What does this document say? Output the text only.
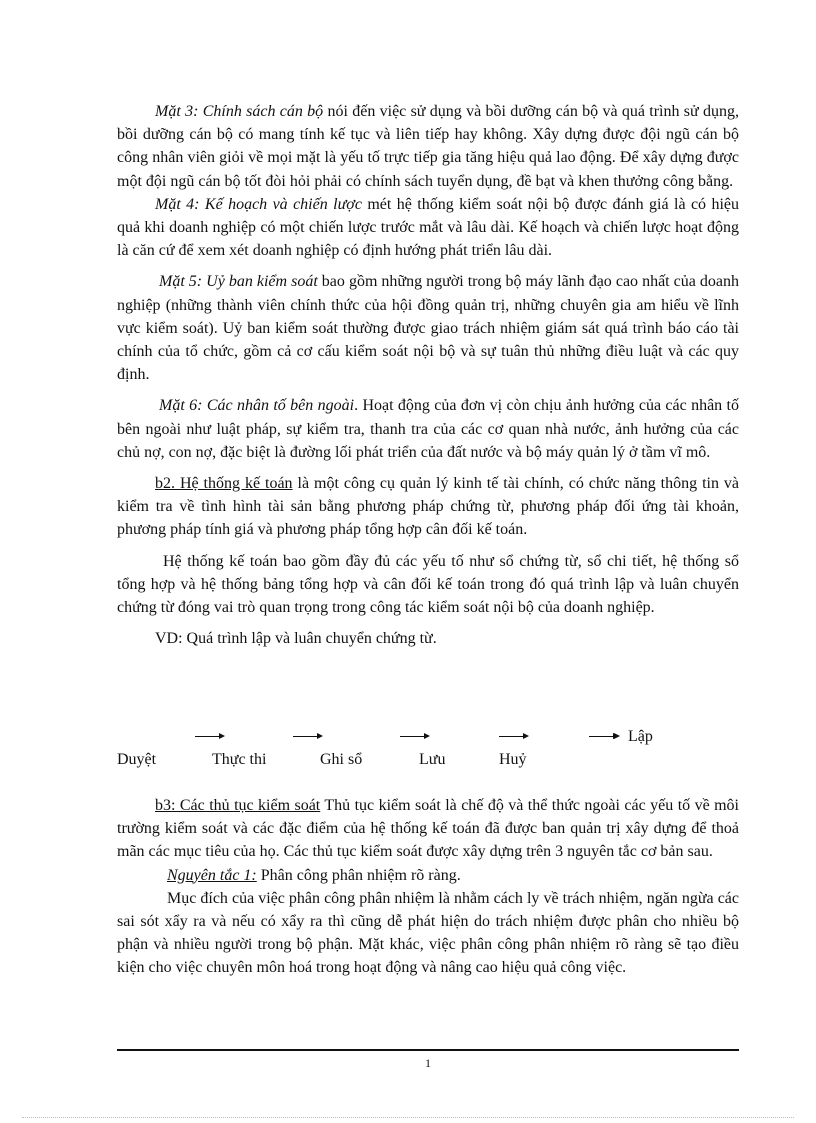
Mặt 3: Chính sách cán bộ nói đến việc sử dụng và bồi dưỡng cán bộ và quá trình sử dụng, bồi dưỡng cán bộ có mang tính kế tục và liên tiếp hay không. Xây dựng được đội ngũ cán bộ công nhân viên giỏi về mọi mặt là yếu tố trực tiếp gia tăng hiệu quả lao động. Để xây dựng được một đội ngũ cán bộ tốt đòi hỏi phải có chính sách tuyển dụng, đề bạt và khen thưởng công bằng.

Mặt 4: Kế hoạch và chiến lược mét hệ thống kiểm soát nội bộ được đánh giá là có hiệu quả khi doanh nghiệp có một chiến lược trước mắt và lâu dài. Kế hoạch và chiến lược hoạt động là căn cứ để xem xét doanh nghiệp có định hướng phát triển lâu dài.

Mặt 5: Uỷ ban kiểm soát bao gồm những người trong bộ máy lãnh đạo cao nhất của doanh nghiệp (những thành viên chính thức của hội đồng quản trị, những chuyên gia am hiểu về lĩnh vực kiểm soát). Uỷ ban kiểm soát thường được giao trách nhiệm giám sát quá trình báo cáo tài chính của tổ chức, gồm cả cơ cấu kiểm soát nội bộ và sự tuân thủ những điều luật và các quy định.

Mặt 6: Các nhân tố bên ngoài. Hoạt động của đơn vị còn chịu ảnh hưởng của các nhân tố bên ngoài như luật pháp, sự kiểm tra, thanh tra của các cơ quan nhà nước, ảnh hưởng của các chủ nợ, con nợ, đặc biệt là đường lối phát triển của đất nước và bộ máy quản lý ở tầm vĩ mô.

b2. Hệ thống kế toán là một công cụ quản lý kinh tế tài chính, có chức năng thông tin và kiểm tra về tình hình tài sản bằng phương pháp chứng từ, phương pháp đối ứng tài khoản, phương pháp tính giá và phương pháp tổng hợp cân đối kế toán.

Hệ thống kế toán bao gồm đầy đủ các yếu tố như sổ chứng từ, sổ chi tiết, hệ thống sổ tổng hợp và hệ thống bảng tổng hợp và cân đối kế toán trong đó quá trình lập và luân chuyển chứng từ đóng vai trò quan trọng trong công tác kiểm soát nội bộ của doanh nghiệp.

VD: Quá trình lập và luân chuyển chứng từ.

Lập
Duyệt	Thực thi	Ghi sổ	Lưu	Huỷ

b3: Các thủ tục kiểm soát Thủ tục kiểm soát là chế độ và thể thức ngoài các yếu tố về môi trường kiểm soát và các đặc điểm của hệ thống kế toán đã được ban quản trị xây dựng để thoả mãn các mục tiêu của họ. Các thủ tục kiểm soát được xây dựng trên 3 nguyên tắc cơ bản sau.

Nguyên tắc 1: Phân công phân nhiệm rõ ràng.

Mục đích của việc phân công phân nhiệm là nhằm cách ly về trách nhiệm, ngăn ngừa các sai sót xẩy ra và nếu có xẩy ra thì cũng dễ phát hiện do trách nhiệm được phân cho nhiều bộ phận và nhiều người trong bộ phận. Mặt khác, việc phân công phân nhiệm rõ ràng sẽ tạo điều kiện cho việc chuyên môn hoá trong hoạt động và nâng cao hiệu quả công việc.

1
